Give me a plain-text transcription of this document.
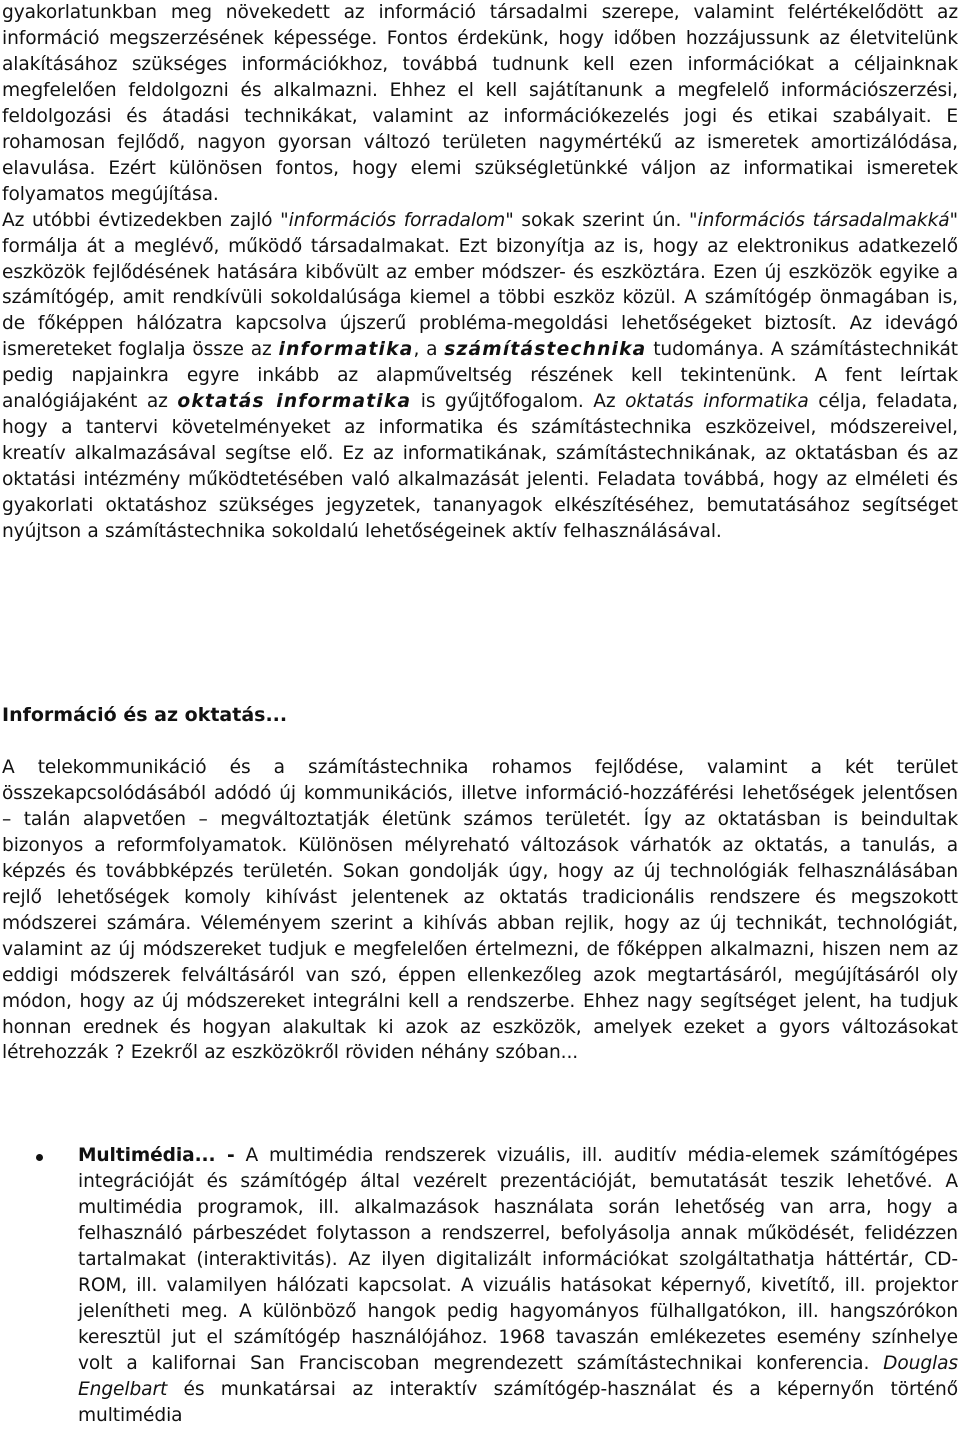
gyakorlatunkban meg növekedett az információ társadalmi szerepe, valamint felértékelődött az információ megszerzésének képessége. Fontos érdekünk, hogy időben hozzájussunk az életvitelünk alakításához szükséges információkhoz, továbbá tudnunk kell ezen információkat a céljainknak megfelelően feldolgozni és alkalmazni. Ehhez el kell sajátítanunk a megfelelő információszerzési, feldolgozási és átadási technikákat, valamint az információkezelés jogi és etikai szabályait. E rohamosan fejlődő, nagyon gyorsan változó területen nagymértékű az ismeretek amortizálódása, elavulása. Ezért különösen fontos, hogy elemi szükségletünkké váljon az informatikai ismeretek folyamatos megújítása.

Az utóbbi évtizedekben zajló "információs forradalom" sokak szerint ún. "információs társadalmakká" formálja át a meglévő, működő társadalmakat. Ezt bizonyítja az is, hogy az elektronikus adatkezelő eszközök fejlődésének hatására kibővült az ember módszer- és eszköztára. Ezen új eszközök egyike a számítógép, amit rendkívüli sokoldalúsága kiemel a többi eszköz közül. A számítógép önmagában is, de főképpen hálózatra kapcsolva újszerű probléma-megoldási lehetőségeket biztosít. Az idevágó ismereteket foglalja össze az informatika, a számítástechnika tudománya. A számítástechnikát pedig napjainkra egyre inkább az alapműveltség részének kell tekintenünk. A fent leírtak analógiájaként az oktatás informatika is gyűjtőfogalom. Az oktatás informatika célja, feladata, hogy a tantervi követelményeket az informatika és számítástechnika eszközeivel, módszereivel, kreatív alkalmazásával segítse elő. Ez az informatikának, számítástechnikának, az oktatásban és az oktatási intézmény működtetésében való alkalmazását jelenti. Feladata továbbá, hogy az elméleti és gyakorlati oktatáshoz szükséges jegyzetek, tananyagok elkészítéséhez, bemutatásához segítséget nyújtson a számítástechnika sokoldalú lehetőségeinek aktív felhasználásával.

Információ és az oktatás...

A telekommunikáció és a számítástechnika rohamos fejlődése, valamint a két terület összekapcsolódásából adódó új kommunikációs, illetve információ-hozzáférési lehetőségek jelentősen – talán alapvetően – megváltoztatják életünk számos területét. Így az oktatásban is beindultak bizonyos a reformfolyamatok. Különösen mélyreható változások várhatók az oktatás, a tanulás, a képzés és továbbképzés területén. Sokan gondolják úgy, hogy az új technológiák felhasználásában rejlő lehetőségek komoly kihívást jelentenek az oktatás tradicionális rendszere és megszokott módszerei számára. Véleményem szerint a kihívás abban rejlik, hogy az új technikát, technológiát, valamint az új módszereket tudjuk e megfelelően értelmezni, de főképpen alkalmazni, hiszen nem az eddigi módszerek felváltásáról van szó, éppen ellenkezőleg azok megtartásáról, megújításáról oly módon, hogy az új módszereket integrálni kell a rendszerbe. Ehhez nagy segítséget jelent, ha tudjuk honnan erednek és hogyan alakultak ki azok az eszközök, amelyek ezeket a gyors változásokat létrehozzák ? Ezekről az eszközökről röviden néhány szóban...

Multimédia... - A multimédia rendszerek vizuális, ill. auditív média-elemek számítógépes integrációját és számítógép által vezérelt prezentációját, bemutatását teszik lehetővé. A multimédia programok, ill. alkalmazások használata során lehetőség van arra, hogy a felhasználó párbeszédet folytasson a rendszerrel, befolyásolja annak működését, felidézzen tartalmakat (interaktivitás). Az ilyen digitalizált információkat szolgáltathatja háttértár, CD-ROM, ill. valamilyen hálózati kapcsolat. A vizuális hatásokat képernyő, kivetítő, ill. projektor jelenítheti meg. A különböző hangok pedig hagyományos fülhallgatókon, ill. hangszórókon keresztül jut el számítógép használójához. 1968 tavaszán emlékezetes esemény színhelye volt a kalifornai San Franciscoban megrendezett számítástechnikai konferencia. Douglas Engelbart és munkatársai az interaktív számítógép-használat és a képernyőn történő multimédia
